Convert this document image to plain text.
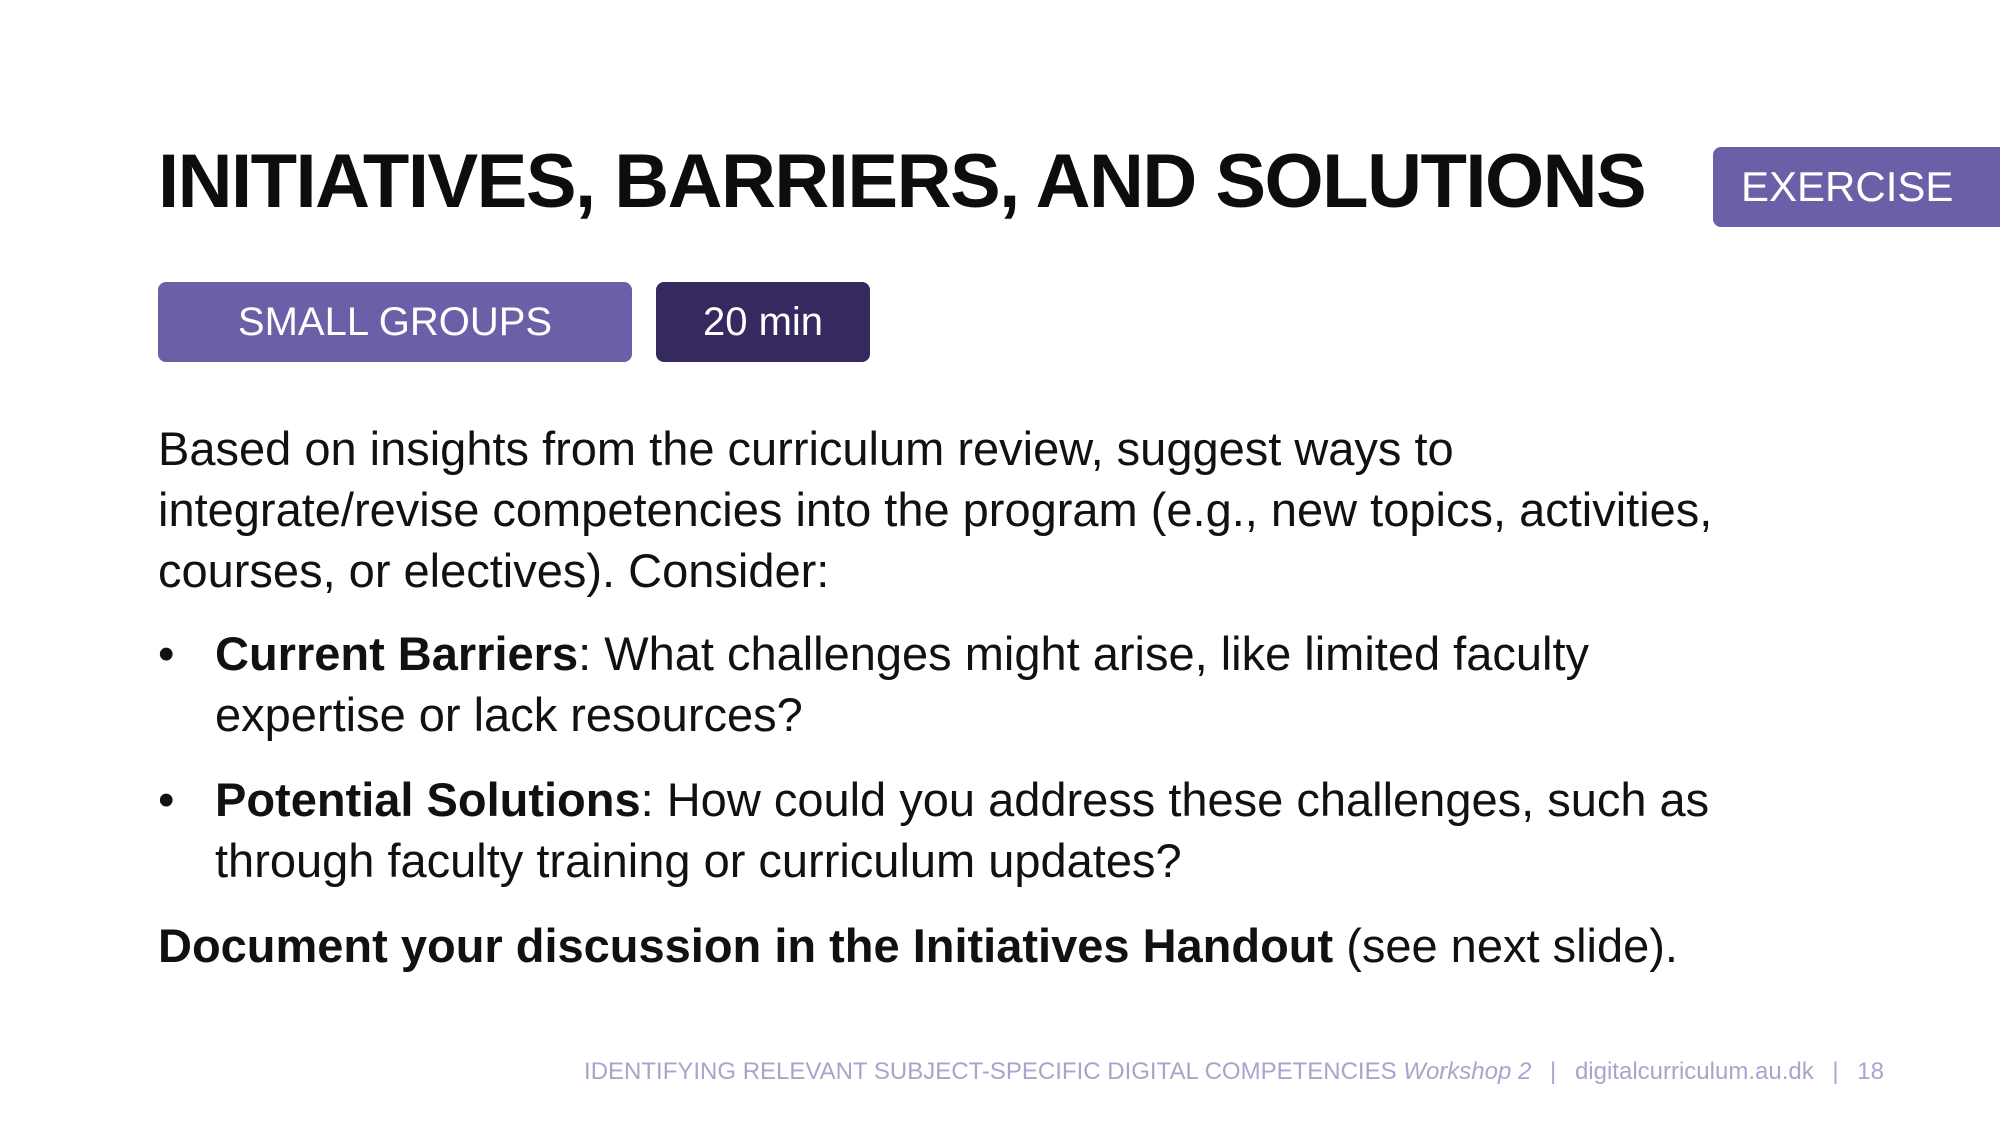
INITIATIVES, BARRIERS, AND SOLUTIONS	EXERCISE
SMALL GROUPS	20 min

Based on insights from the curriculum review, suggest ways to integrate/revise competencies into the program (e.g., new topics, activities, courses, or electives). Consider:

• Current Barriers: What challenges might arise, like limited faculty expertise or lack resources?
• Potential Solutions: How could you address these challenges, such as through faculty training or curriculum updates?

Document your discussion in the Initiatives Handout (see next slide).

IDENTIFYING RELEVANT SUBJECT-SPECIFIC DIGITAL COMPETENCIES Workshop 2 | digitalcurriculum.au.dk | 18
